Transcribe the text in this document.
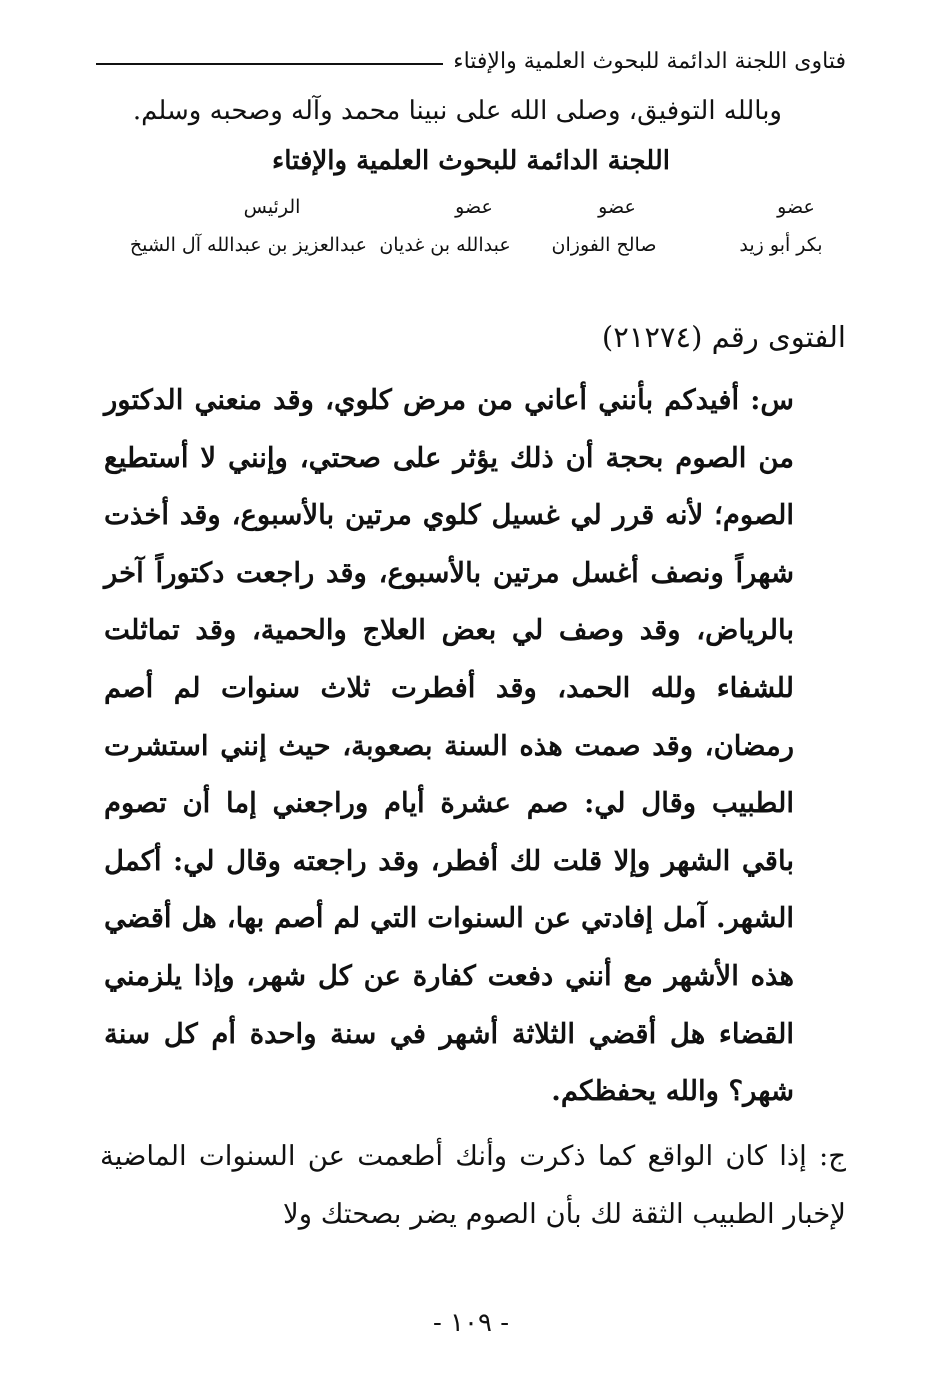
فتاوى اللجنة الدائمة للبحوث العلمية والإفتاء
وبالله التوفيق، وصلى الله على نبينا محمد وآله وصحبه وسلم.
اللجنة الدائمة للبحوث العلمية والإفتاء
عضو
عضو
عضو
الرئيس
بكر أبو زيد
صالح الفوزان
عبدالله بن غديان
عبدالعزيز بن عبدالله آل الشيخ
الفتوى رقم (٢١٢٧٤)
س: أفيدكم بأنني أعاني من مرض كلوي، وقد منعني الدكتور من الصوم بحجة أن ذلك يؤثر على صحتي، وإنني لا أستطيع الصوم؛ لأنه قرر لي غسيل كلوي مرتين بالأسبوع، وقد أخذت شهراً ونصف أغسل مرتين بالأسبوع، وقد راجعت دكتوراً آخر بالرياض، وقد وصف لي بعض العلاج والحمية، وقد تماثلت للشفاء ولله الحمد، وقد أفطرت ثلاث سنوات لم أصم رمضان، وقد صمت هذه السنة بصعوبة، حيث إنني استشرت الطبيب وقال لي: صم عشرة أيام وراجعني إما أن تصوم باقي الشهر وإلا قلت لك أفطر، وقد راجعته وقال لي: أكمل الشهر. آمل إفادتي عن السنوات التي لم أصم بها، هل أقضي هذه الأشهر مع أنني دفعت كفارة عن كل شهر، وإذا يلزمني القضاء هل أقضي الثلاثة أشهر في سنة واحدة أم كل سنة شهر؟ والله يحفظكم.
ج: إذا كان الواقع كما ذكرت وأنك أطعمت عن السنوات الماضية لإخبار الطبيب الثقة لك بأن الصوم يضر بصحتك ولا
- ١٠٩ -
